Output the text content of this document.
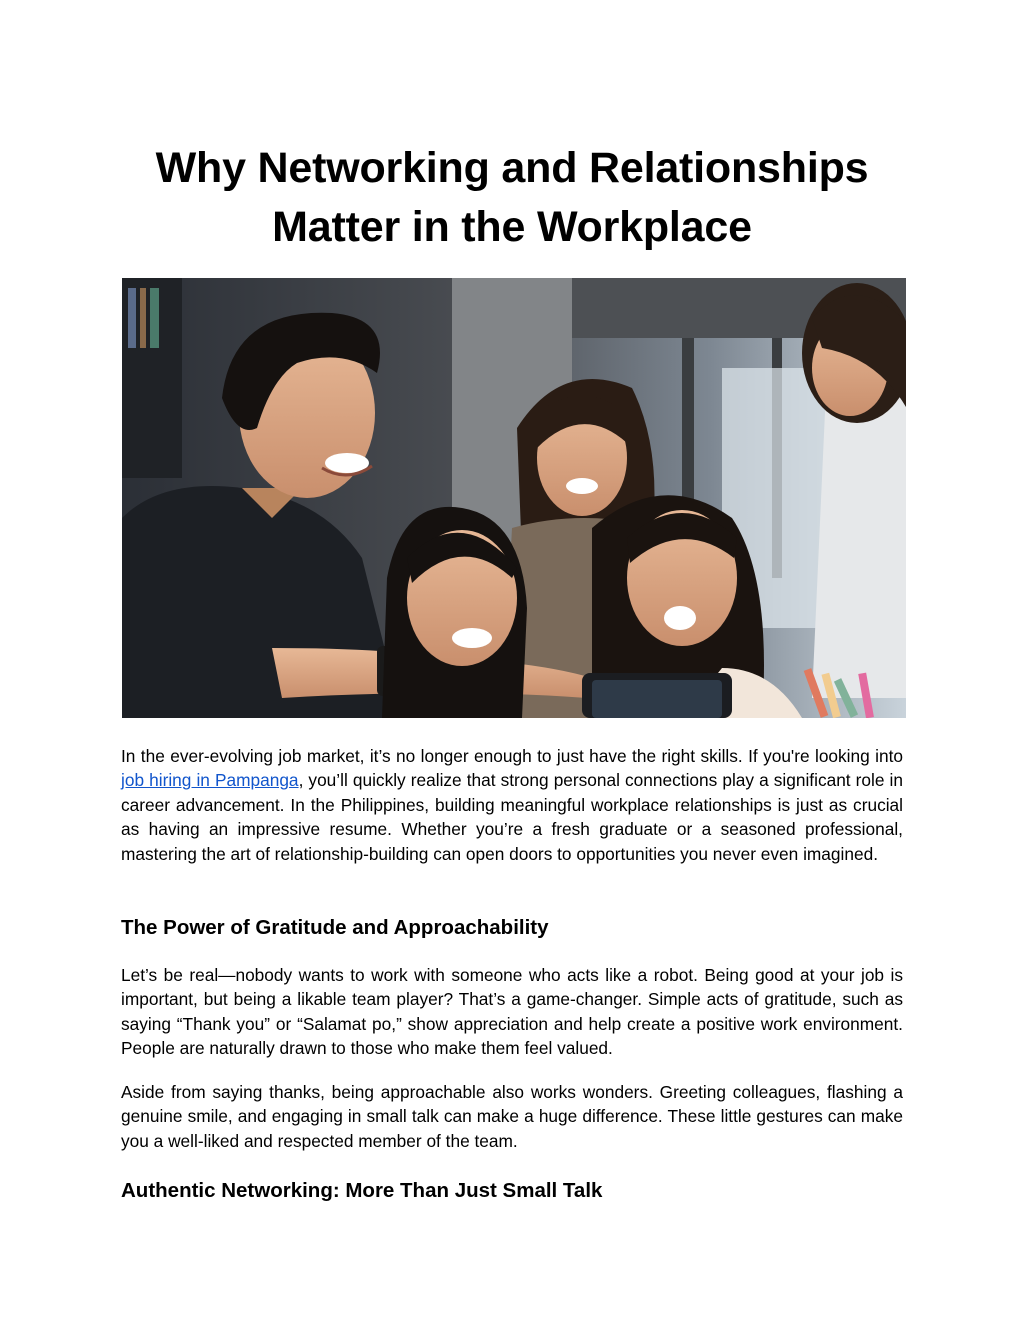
Why Networking and Relationships
Matter in the Workplace

In the ever-evolving job market, it’s no longer enough to just have the right skills. If you're looking into job hiring in Pampanga, you’ll quickly realize that strong personal connections play a significant role in career advancement. In the Philippines, building meaningful workplace relationships is just as crucial as having an impressive resume. Whether you’re a fresh graduate or a seasoned professional, mastering the art of relationship-building can open doors to opportunities you never even imagined.

The Power of Gratitude and Approachability

Let’s be real—nobody wants to work with someone who acts like a robot. Being good at your job is important, but being a likable team player? That’s a game-changer. Simple acts of gratitude, such as saying “Thank you” or “Salamat po,” show appreciation and help create a positive work environment. People are naturally drawn to those who make them feel valued.

Aside from saying thanks, being approachable also works wonders. Greeting colleagues, flashing a genuine smile, and engaging in small talk can make a huge difference. These little gestures can make you a well-liked and respected member of the team.

Authentic Networking: More Than Just Small Talk
